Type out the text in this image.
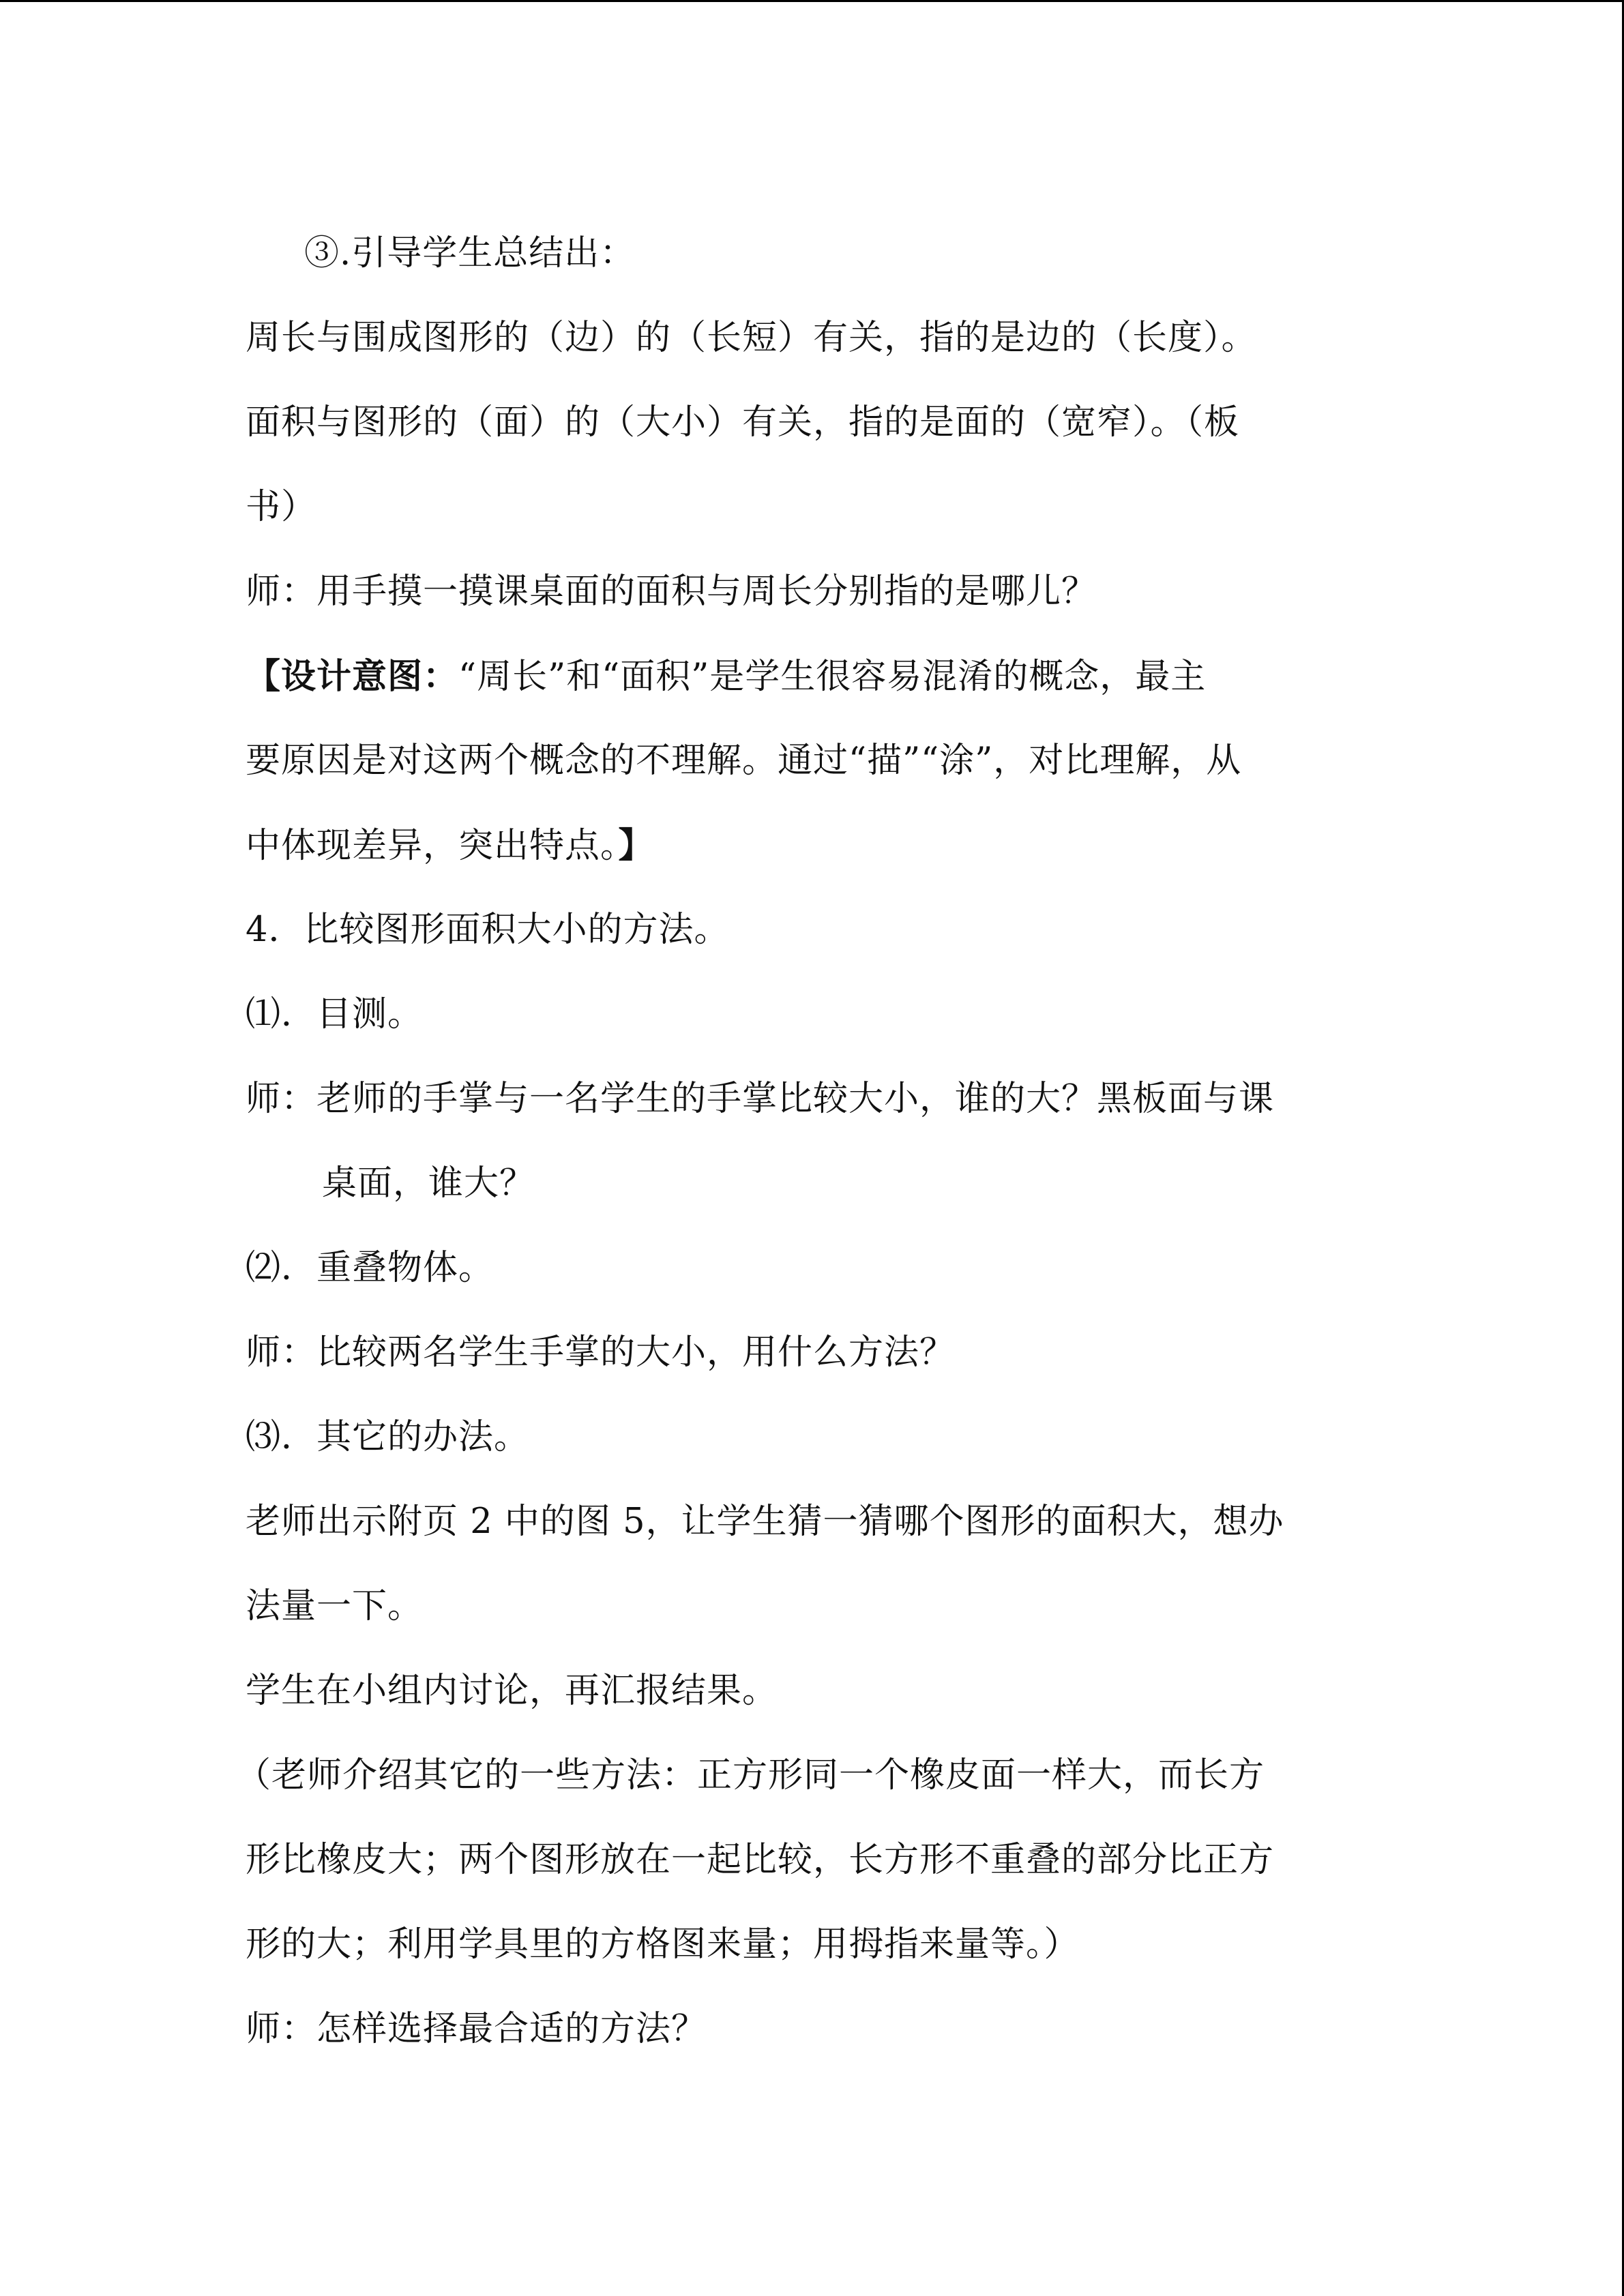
③.引导学生总结出：
周长与围成图形的（边）的（长短）有关，指的是边的（长度）。
面积与图形的（面）的（大小）有关，指的是面的（宽窄）。（板
书）
师：用手摸一摸课桌面的面积与周长分别指的是哪儿？
【设计意图：“周长”和“面积”是学生很容易混淆的概念，最主
要原因是对这两个概念的不理解。通过“描”“涂”，对比理解，从
中体现差异，突出特点。】
4．比较图形面积大小的方法。
⑴．目测。
师：老师的手掌与一名学生的手掌比较大小，谁的大？黑板面与课
桌面，谁大？
⑵．重叠物体。
师：比较两名学生手掌的大小，用什么方法？
⑶．其它的办法。
老师出示附页 2 中的图 5，让学生猜一猜哪个图形的面积大，想办
法量一下。
学生在小组内讨论，再汇报结果。
（老师介绍其它的一些方法：正方形同一个橡皮面一样大，而长方
形比橡皮大；两个图形放在一起比较，长方形不重叠的部分比正方
形的大；利用学具里的方格图来量；用拇指来量等。）
师：怎样选择最合适的方法？
